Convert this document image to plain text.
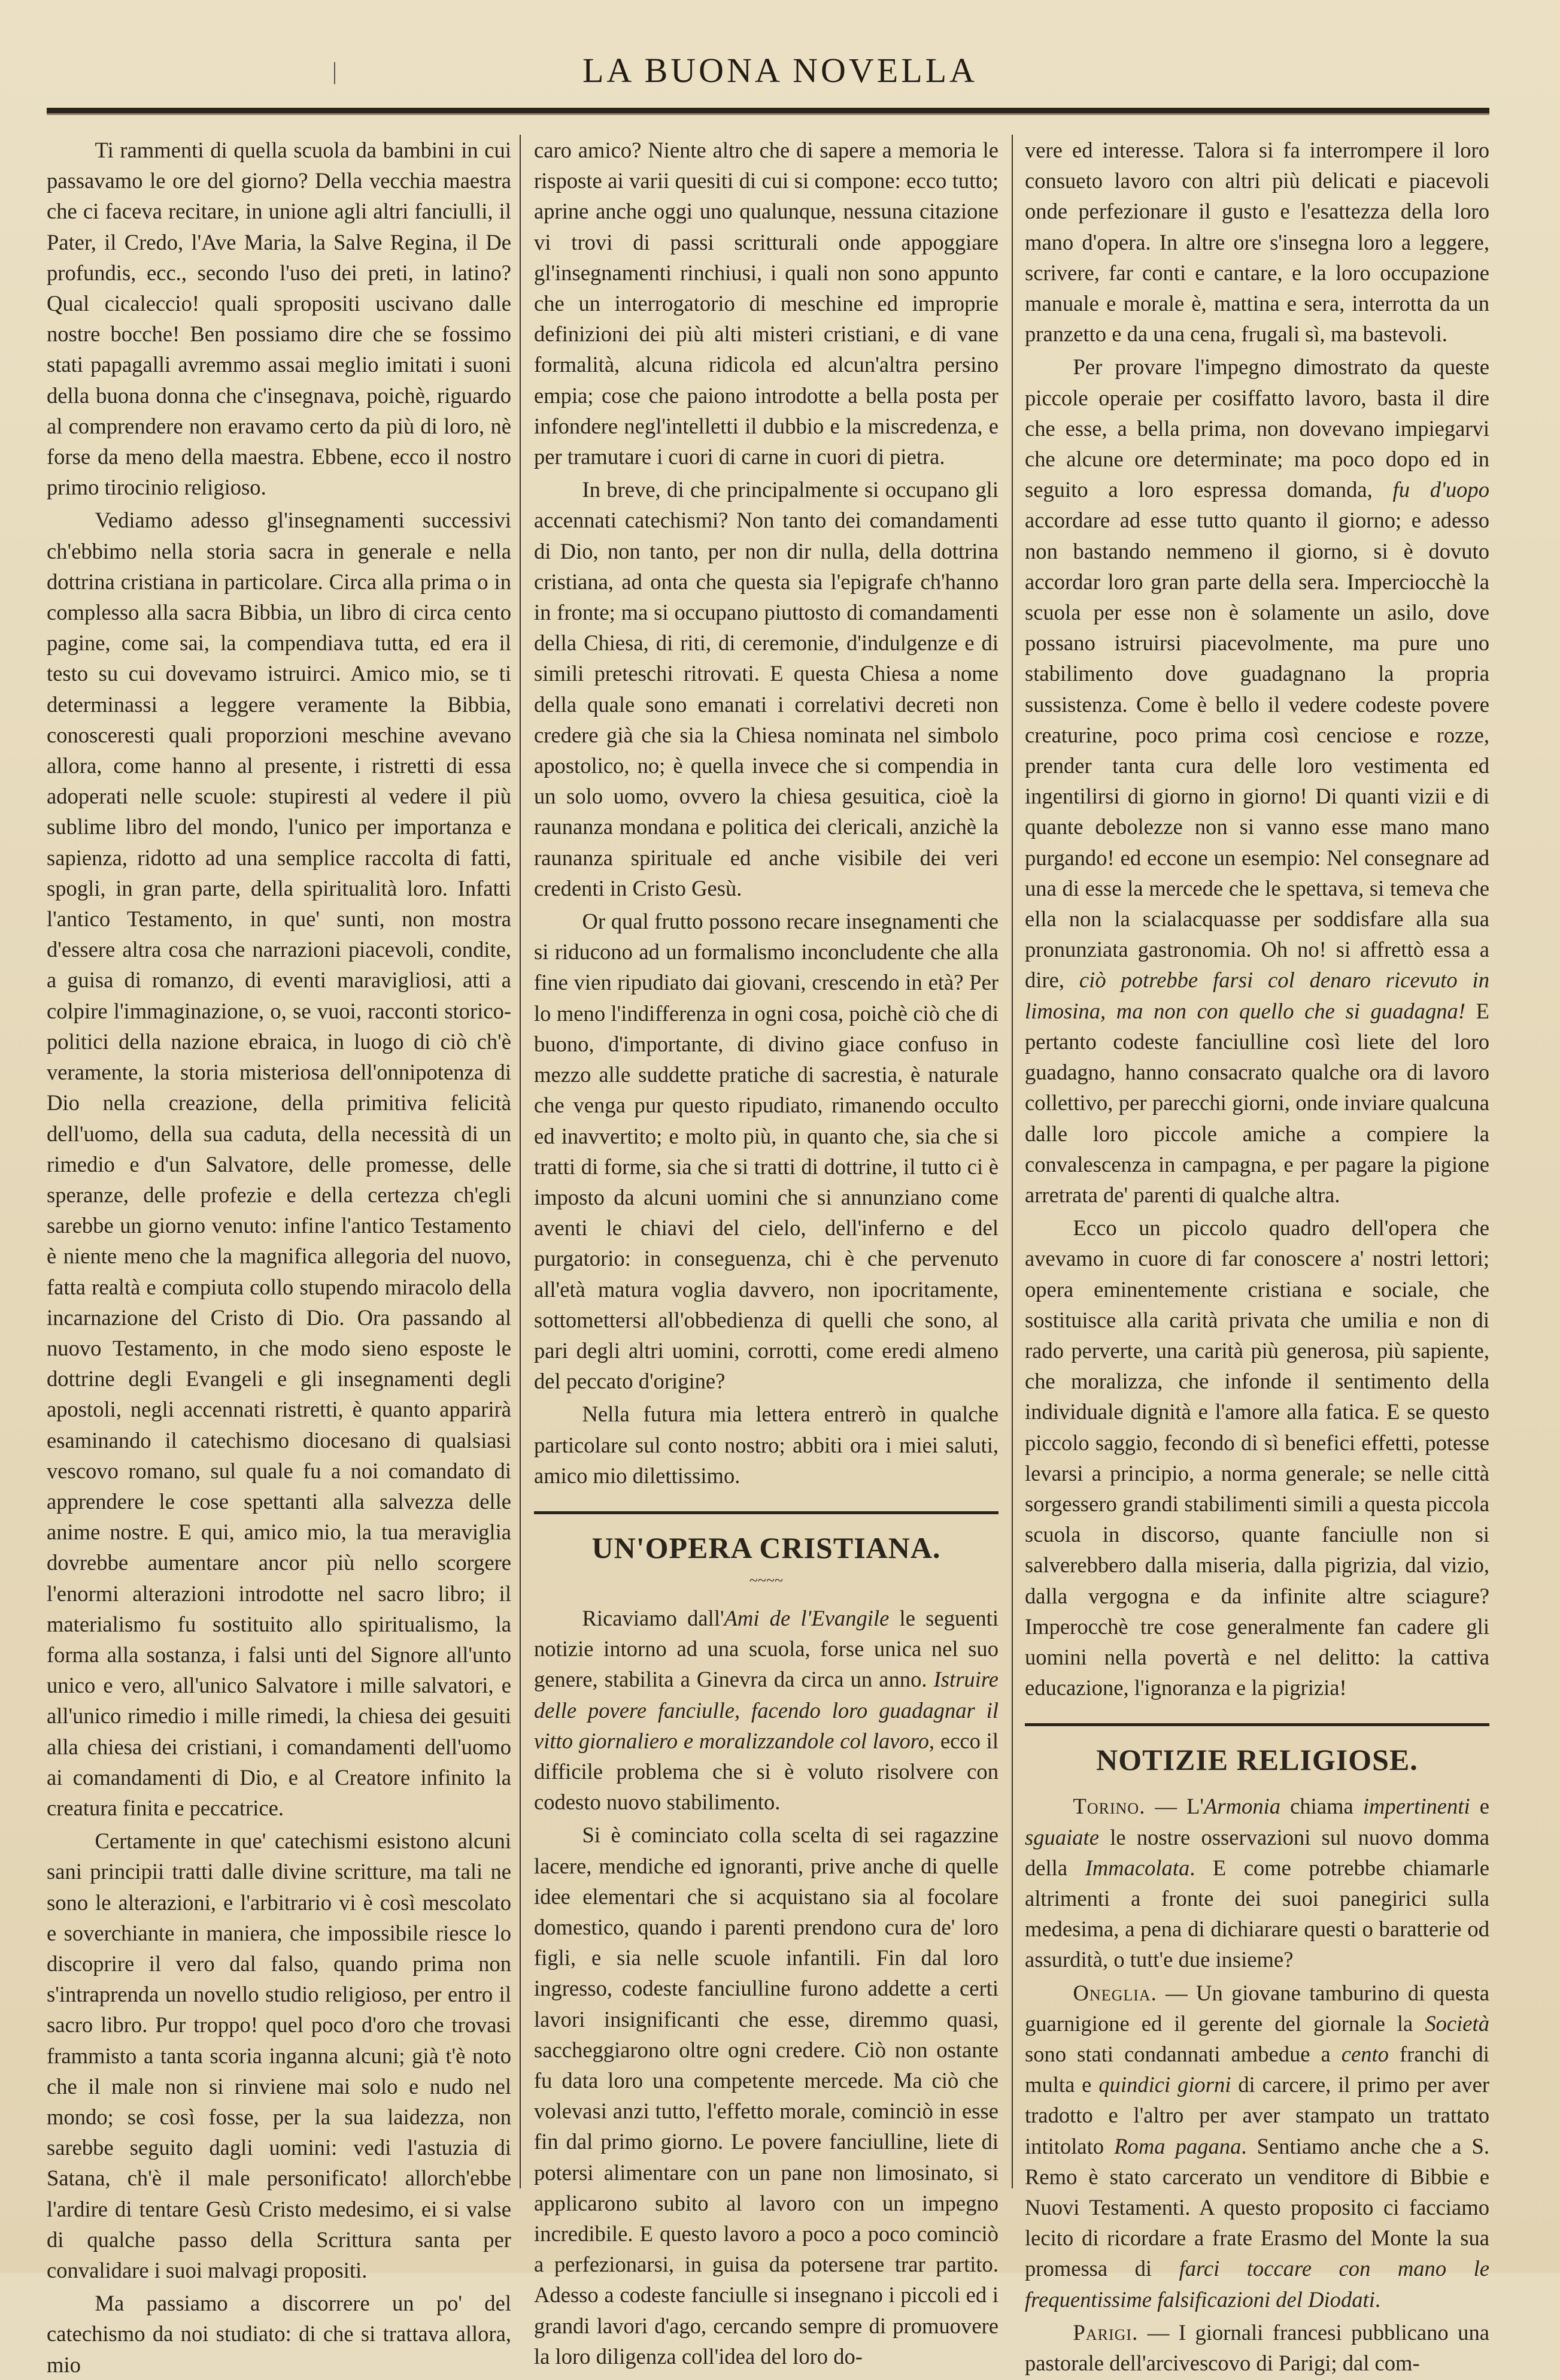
|	LA BUONA NOVELLA

Ti rammenti di quella scuola da bambini in cui passavamo le ore del giorno? Della vecchia maestra che ci faceva recitare, in unione agli altri fanciulli, il Pater, il Credo, l'Ave Maria, la Salve Regina, il De profundis, ecc., secondo l'uso dei preti, in latino? Qual cicaleccio! quali spropositi uscivano dalle nostre bocche! Ben possiamo dire che se fossimo stati papagalli avremmo assai meglio imitati i suoni della buona donna che c'insegnava, poichè, riguardo al comprendere non eravamo certo da più di loro, nè forse da meno della maestra. Ebbene, ecco il nostro primo tirocinio religioso.

Vediamo adesso gl'insegnamenti successivi ch'ebbimo nella storia sacra in generale e nella dottrina cristiana in particolare. Circa alla prima o in complesso alla sacra Bibbia, un libro di circa cento pagine, come sai, la compendiava tutta, ed era il testo su cui dovevamo istruirci. Amico mio, se ti determinassi a leggere veramente la Bibbia, conosceresti quali proporzioni meschine avevano allora, come hanno al presente, i ristretti di essa adoperati nelle scuole: stupiresti al vedere il più sublime libro del mondo, l'unico per importanza e sapienza, ridotto ad una semplice raccolta di fatti, spogli, in gran parte, della spiritualità loro. Infatti l'antico Testamento, in que' sunti, non mostra d'essere altra cosa che narrazioni piacevoli, condite, a guisa di romanzo, di eventi maravigliosi, atti a colpire l'immaginazione, o, se vuoi, racconti storico-politici della nazione ebraica, in luogo di ciò ch'è veramente, la storia misteriosa dell'onnipotenza di Dio nella creazione, della primitiva felicità dell'uomo, della sua caduta, della necessità di un rimedio e d'un Salvatore, delle promesse, delle speranze, delle profezie e della certezza ch'egli sarebbe un giorno venuto: infine l'antico Testamento è niente meno che la magnifica allegoria del nuovo, fatta realtà e compiuta collo stupendo miracolo della incarnazione del Cristo di Dio. Ora passando al nuovo Testamento, in che modo sieno esposte le dottrine degli Evangeli e gli insegnamenti degli apostoli, negli accennati ristretti, è quanto apparirà esaminando il catechismo diocesano di qualsiasi vescovo romano, sul quale fu a noi comandato di apprendere le cose spettanti alla salvezza delle anime nostre. E qui, amico mio, la tua meraviglia dovrebbe aumentare ancor più nello scorgere l'enormi alterazioni introdotte nel sacro libro; il materialismo fu sostituito allo spiritualismo, la forma alla sostanza, i falsi unti del Signore all'unto unico e vero, all'unico Salvatore i mille salvatori, e all'unico rimedio i mille rimedi, la chiesa dei gesuiti alla chiesa dei cristiani, i comandamenti dell'uomo ai comandamenti di Dio, e al Creatore infinito la creatura finita e peccatrice.

Certamente in que' catechismi esistono alcuni sani principii tratti dalle divine scritture, ma tali ne sono le alterazioni, e l'arbitrario vi è così mescolato e soverchiante in maniera, che impossibile riesce lo discoprire il vero dal falso, quando prima non s'intraprenda un novello studio religioso, per entro il sacro libro. Pur troppo! quel poco d'oro che trovasi frammisto a tanta scoria inganna alcuni; già t'è noto che il male non si rinviene mai solo e nudo nel mondo; se così fosse, per la sua laidezza, non sarebbe seguito dagli uomini: vedi l'astuzia di Satana, ch'è il male personificato! allorch'ebbe l'ardire di tentare Gesù Cristo medesimo, ei si valse di qualche passo della Scrittura santa per convalidare i suoi malvagi propositi.

Ma passiamo a discorrere un po' del catechismo da noi studiato: di che si trattava allora, mio

caro amico? Niente altro che di sapere a memoria le risposte ai varii quesiti di cui si compone: ecco tutto; aprine anche oggi uno qualunque, nessuna citazione vi trovi di passi scritturali onde appoggiare gl'insegnamenti rinchiusi, i quali non sono appunto che un interrogatorio di meschine ed improprie definizioni dei più alti misteri cristiani, e di vane formalità, alcuna ridicola ed alcun'altra persino empia; cose che paiono introdotte a bella posta per infondere negl'intelletti il dubbio e la miscredenza, e per tramutare i cuori di carne in cuori di pietra.

In breve, di che principalmente si occupano gli accennati catechismi? Non tanto dei comandamenti di Dio, non tanto, per non dir nulla, della dottrina cristiana, ad onta che questa sia l'epigrafe ch'hanno in fronte; ma si occupano piuttosto di comandamenti della Chiesa, di riti, di ceremonie, d'indulgenze e di simili preteschi ritrovati. E questa Chiesa a nome della quale sono emanati i correlativi decreti non credere già che sia la Chiesa nominata nel simbolo apostolico, no; è quella invece che si compendia in un solo uomo, ovvero la chiesa gesuitica, cioè la raunanza mondana e politica dei clericali, anzichè la raunanza spirituale ed anche visibile dei veri credenti in Cristo Gesù.

Or qual frutto possono recare insegnamenti che si riducono ad un formalismo inconcludente che alla fine vien ripudiato dai giovani, crescendo in età? Per lo meno l'indifferenza in ogni cosa, poichè ciò che di buono, d'importante, di divino giace confuso in mezzo alle suddette pratiche di sacrestia, è naturale che venga pur questo ripudiato, rimanendo occulto ed inavvertito; e molto più, in quanto che, sia che si tratti di forme, sia che si tratti di dottrine, il tutto ci è imposto da alcuni uomini che si annunziano come aventi le chiavi del cielo, dell'inferno e del purgatorio: in conseguenza, chi è che pervenuto all'età matura voglia davvero, non ipocritamente, sottomettersi all'obbedienza di quelli che sono, al pari degli altri uomini, corrotti, come eredi almeno del peccato d'origine?

Nella futura mia lettera entrerò in qualche particolare sul conto nostro; abbiti ora i miei saluti, amico mio dilettissimo.

UN'OPERA CRISTIANA.
~~~~

Ricaviamo dall'Ami de l'Evangile le seguenti notizie intorno ad una scuola, forse unica nel suo genere, stabilita a Ginevra da circa un anno. Istruire delle povere fanciulle, facendo loro guadagnar il vitto giornaliero e moralizzandole col lavoro, ecco il difficile problema che si è voluto risolvere con codesto nuovo stabilimento.

Si è cominciato colla scelta di sei ragazzine lacere, mendiche ed ignoranti, prive anche di quelle idee elementari che si acquistano sia al focolare domestico, quando i parenti prendono cura de' loro figli, e sia nelle scuole infantili. Fin dal loro ingresso, codeste fanciulline furono addette a certi lavori insignificanti che esse, diremmo quasi, saccheggiarono oltre ogni credere. Ciò non ostante fu data loro una competente mercede. Ma ciò che volevasi anzi tutto, l'effetto morale, cominciò in esse fin dal primo giorno. Le povere fanciulline, liete di potersi alimentare con un pane non limosinato, si applicarono subito al lavoro con un impegno incredibile. E questo lavoro a poco a poco cominciò a perfezionarsi, in guisa da potersene trar partito. Adesso a codeste fanciulle si insegnano i piccoli ed i grandi lavori d'ago, cercando sempre di promuovere la loro diligenza coll'idea del loro do-

vere ed interesse. Talora si fa interrompere il loro consueto lavoro con altri più delicati e piacevoli onde perfezionare il gusto e l'esattezza della loro mano d'opera. In altre ore s'insegna loro a leggere, scrivere, far conti e cantare, e la loro occupazione manuale e morale è, mattina e sera, interrotta da un pranzetto e da una cena, frugali sì, ma bastevoli.

Per provare l'impegno dimostrato da queste piccole operaie per cosiffatto lavoro, basta il dire che esse, a bella prima, non dovevano impiegarvi che alcune ore determinate; ma poco dopo ed in seguito a loro espressa domanda, fu d'uopo accordare ad esse tutto quanto il giorno; e adesso non bastando nemmeno il giorno, si è dovuto accordar loro gran parte della sera. Imperciocchè la scuola per esse non è solamente un asilo, dove possano istruirsi piacevolmente, ma pure uno stabilimento dove guadagnano la propria sussistenza. Come è bello il vedere codeste povere creaturine, poco prima così cenciose e rozze, prender tanta cura delle loro vestimenta ed ingentilirsi di giorno in giorno! Di quanti vizii e di quante debolezze non si vanno esse mano mano purgando! ed eccone un esempio: Nel consegnare ad una di esse la mercede che le spettava, si temeva che ella non la scialacquasse per soddisfare alla sua pronunziata gastronomia. Oh no! si affrettò essa a dire, ciò potrebbe farsi col denaro ricevuto in limosina, ma non con quello che si guadagna! E pertanto codeste fanciulline così liete del loro guadagno, hanno consacrato qualche ora di lavoro collettivo, per parecchi giorni, onde inviare qualcuna dalle loro piccole amiche a compiere la convalescenza in campagna, e per pagare la pigione arretrata de' parenti di qualche altra.

Ecco un piccolo quadro dell'opera che avevamo in cuore di far conoscere a' nostri lettori; opera eminentemente cristiana e sociale, che sostituisce alla carità privata che umilia e non di rado perverte, una carità più generosa, più sapiente, che moralizza, che infonde il sentimento della individuale dignità e l'amore alla fatica. E se questo piccolo saggio, fecondo di sì benefici effetti, potesse levarsi a principio, a norma generale; se nelle città sorgessero grandi stabilimenti simili a questa piccola scuola in discorso, quante fanciulle non si salverebbero dalla miseria, dalla pigrizia, dal vizio, dalla vergogna e da infinite altre sciagure? Imperocchè tre cose generalmente fan cadere gli uomini nella povertà e nel delitto: la cattiva educazione, l'ignoranza e la pigrizia!

NOTIZIE RELIGIOSE.

Torino. — L'Armonia chiama impertinenti e sguaiate le nostre osservazioni sul nuovo domma della Immacolata. E come potrebbe chiamarle altrimenti a fronte dei suoi panegirici sulla medesima, a pena di dichiarare questi o baratterie od assurdità, o tutt'e due insieme?

Oneglia. — Un giovane tamburino di questa guarnigione ed il gerente del giornale la Società sono stati condannati ambedue a cento franchi di multa e quindici giorni di carcere, il primo per aver tradotto e l'altro per aver stampato un trattato intitolato Roma pagana. Sentiamo anche che a S. Remo è stato carcerato un venditore di Bibbie e Nuovi Testamenti. A questo proposito ci facciamo lecito di ricordare a frate Erasmo del Monte la sua promessa di farci toccare con mano le frequentissime falsificazioni del Diodati.

Parigi. — I giornali francesi pubblicano una pastorale dell'arcivescovo di Parigi; dal com-
